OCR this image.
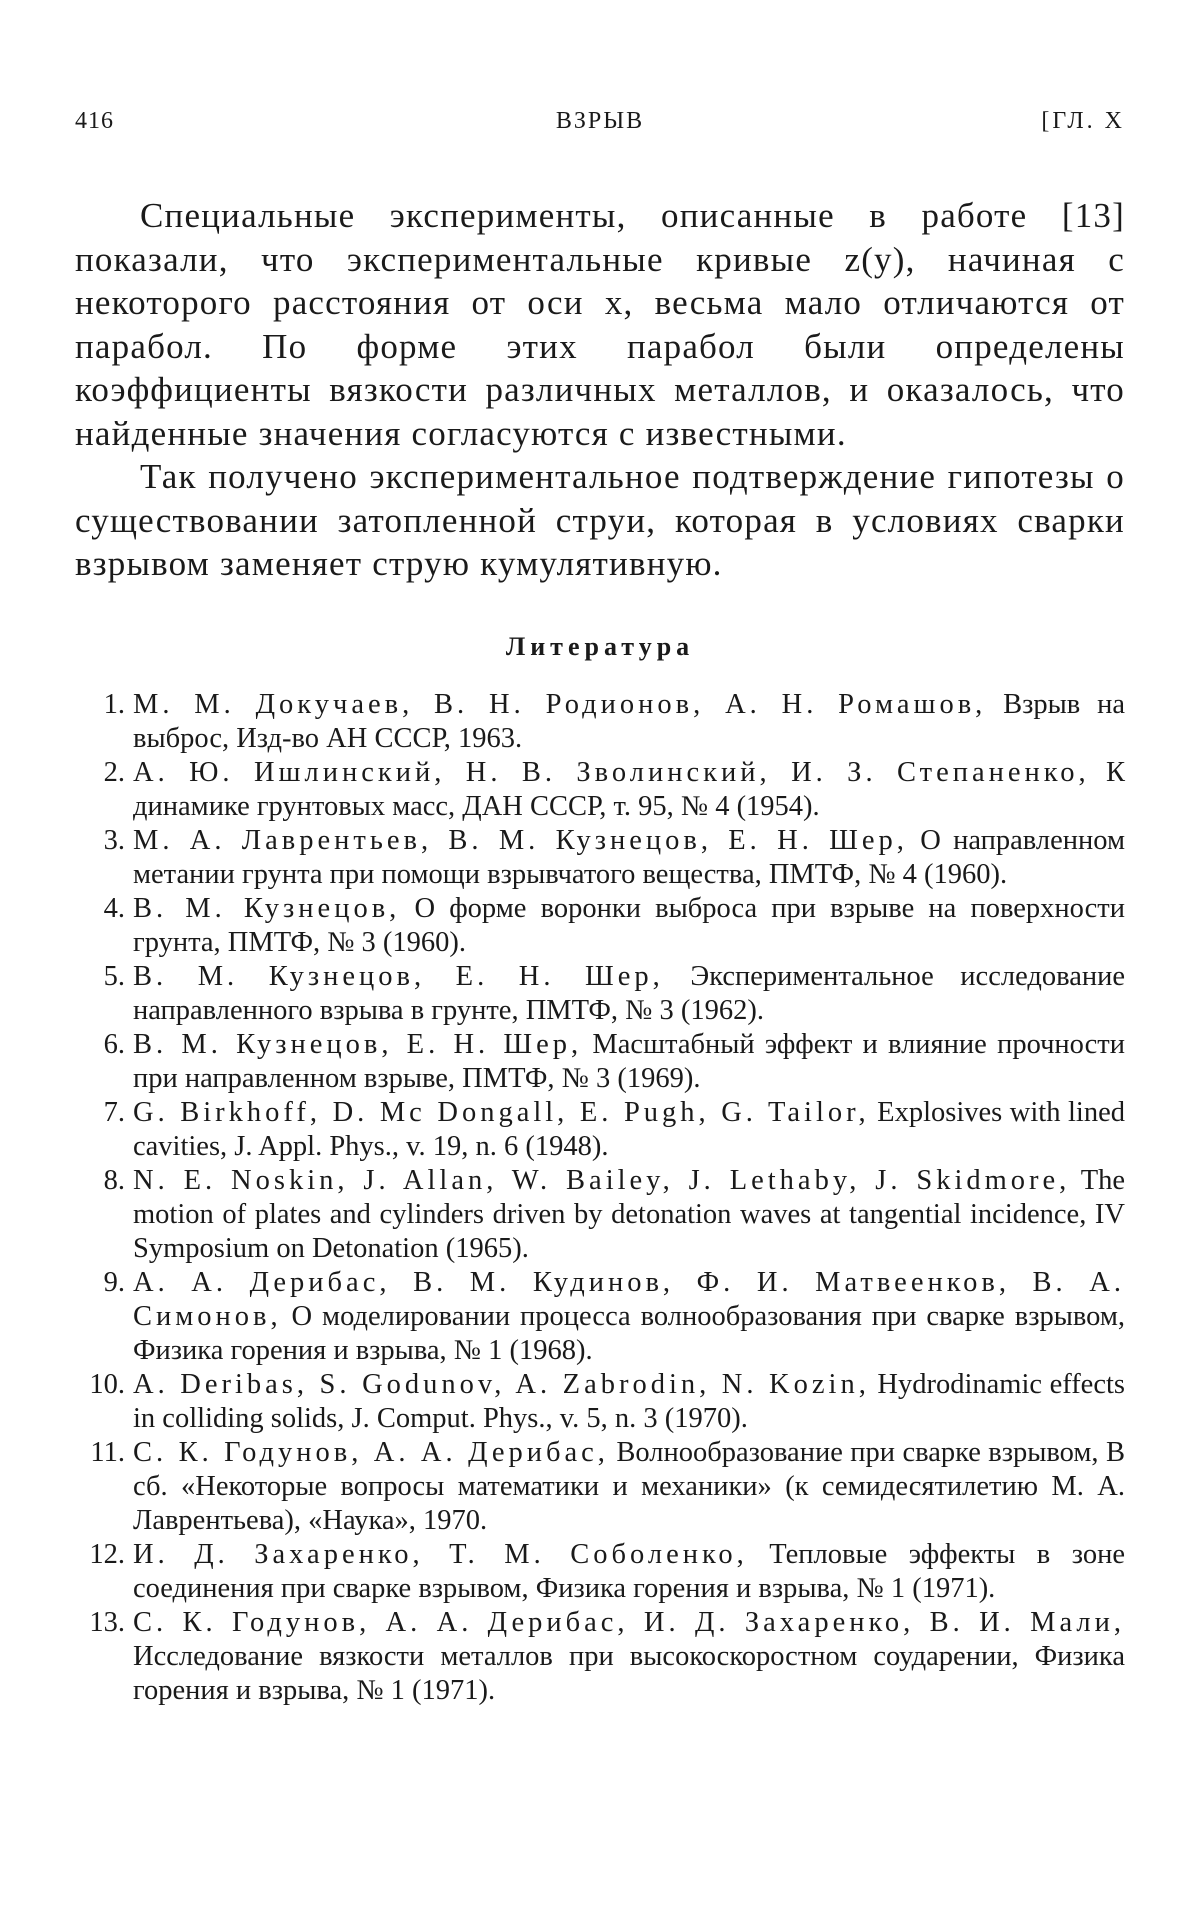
416	ВЗРЫВ	[ГЛ. X

Специальные эксперименты, описанные в работе [13] показали, что экспериментальные кривые z(y), начиная с некоторого расстояния от оси x, весьма мало отличаются от парабол. По форме этих парабол были определены коэффициенты вязкости различных металлов, и оказалось, что найденные значения согласуются с известными.

Так получено экспериментальное подтверждение гипотезы о существовании затопленной струи, которая в условиях сварки взрывом заменяет струю кумулятивную.

Литература
1 . М. М. Докучаев, В. Н. Родионов, А. Н. Ромашов, Взрыв на выброс, Изд-во АН СССР, 1963.
2 . А. Ю. Ишлинский, Н. В. Зволинский, И. З. Степаненко, К динамике грунтовых масс, ДАН СССР, т. 95, № 4 (1954).
3 . М. А. Лаврентьев, В. М. Кузнецов, Е. Н. Шер, О направленном метании грунта при помощи взрывчатого вещества, ПМТФ, № 4 (1960).
4 . В. М. Кузнецов, О форме воронки выброса при взрыве на поверхности грунта, ПМТФ, № 3 (1960).
5 . В. М. Кузнецов, Е. Н. Шер, Экспериментальное исследование направленного взрыва в грунте, ПМТФ, № 3 (1962).
6 . В. М. Кузнецов, Е. Н. Шер, Масштабный эффект и влияние прочности при направленном взрыве, ПМТФ, № 3 (1969).
7 . G. Birkhoff, D. Mc Dongall, E. Pugh, G. Tailor, Explosives with lined cavities, J. Appl. Phys., v. 19, n. 6 (1948).
8 . N. E. Noskin, J. Allan, W. Bailey, J. Lethaby, J. Skidmore, The motion of plates and cylinders driven by detonation waves at tangential incidence, IV Symposium on Detonation (1965).
9 . А. А. Дерибас, В. М. Кудинов, Ф. И. Матвеенков, В. А. Симонов, О моделировании процесса волнообразования при сварке взрывом, Физика горения и взрыва, № 1 (1968).
10 . A. Deribas, S. Godunov, A. Zabrodin, N. Kozin, Hydrodinamic effects in colliding solids, J. Comput. Phys., v. 5, n. 3 (1970).
11 . С. К. Годунов, А. А. Дерибас, Волнообразование при сварке взрывом, В сб. «Некоторые вопросы математики и механики» (к семидесятилетию М. А. Лаврентьева), «Наука», 1970.
12 . И. Д. Захаренко, Т. М. Соболенко, Тепловые эффекты в зоне соединения при сварке взрывом, Физика горения и взрыва, № 1 (1971).
13 . С. К. Годунов, А. А. Дерибас, И. Д. Захаренко, В. И. Мали, Исследование вязкости металлов при высокоскоростном соударении, Физика горения и взрыва, № 1 (1971).
